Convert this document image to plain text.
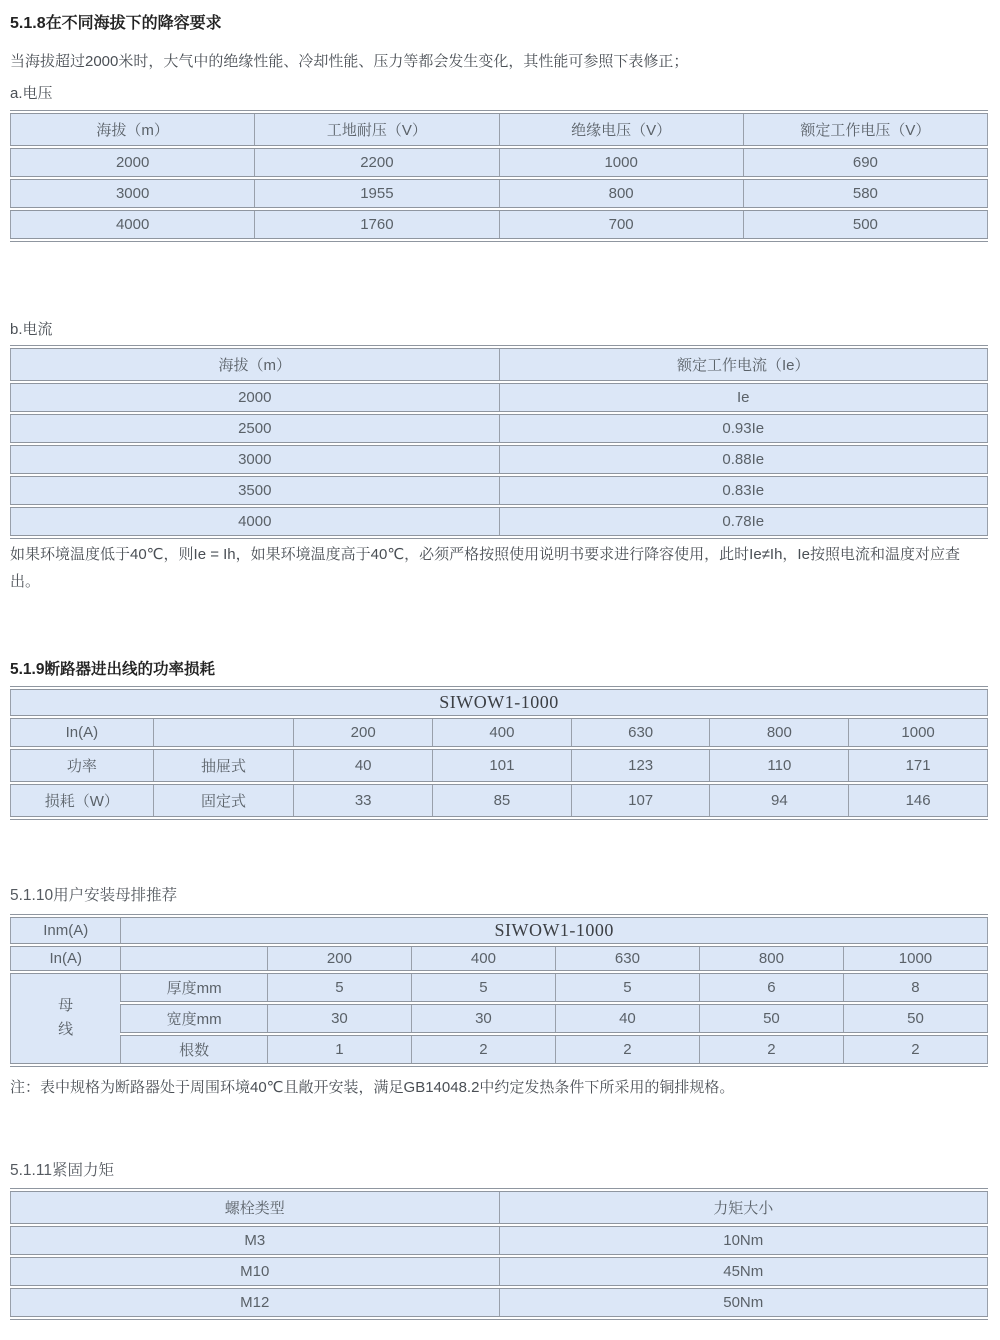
5.1.8在不同海拔下的降容要求

当海拔超过2000米时，大气中的绝缘性能、冷却性能、压力等都会发生变化，其性能可参照下表修正；

a.电压

海拔（m）	工地耐压（V）	绝缘电压（V）	额定工作电压（V）
2000	2200	1000	690
3000	1955	800	580
4000	1760	700	500

b.电流

海拔（m）	额定工作电流（Ie）
2000	Ie
2500	0.93Ie
3000	0.88Ie
3500	0.83Ie
4000	0.78Ie

如果环境温度低于40℃，则Ie = Ih，如果环境温度高于40℃，必须严格按照使用说明书要求进行降容使用，此时Ie≠Ih，Ie按照电流和温度对应查出。

5.1.9断路器进出线的功率损耗
SIWOW1-1000						
In(A)		200	400	630	800	1000
功率	抽屉式	40	101	123	110	171
损耗（W）	固定式	33	85	107	94	146
5.1.10用户安装母排推荐
Inm(A)	SIWOW1-1000					
In(A)		200	400	630	800	1000
母线	厚度mm	5	5	5	6	8
	宽度mm	30	30	40	50	50
	根数	1	2	2	2	2

注：表中规格为断路器处于周围环境40℃且敞开安装，满足GB14048.2中约定发热条件下所采用的铜排规格。

5.1.11紧固力矩
螺栓类型	力矩大小
M3	10Nm
M10	45Nm
M12	50Nm
